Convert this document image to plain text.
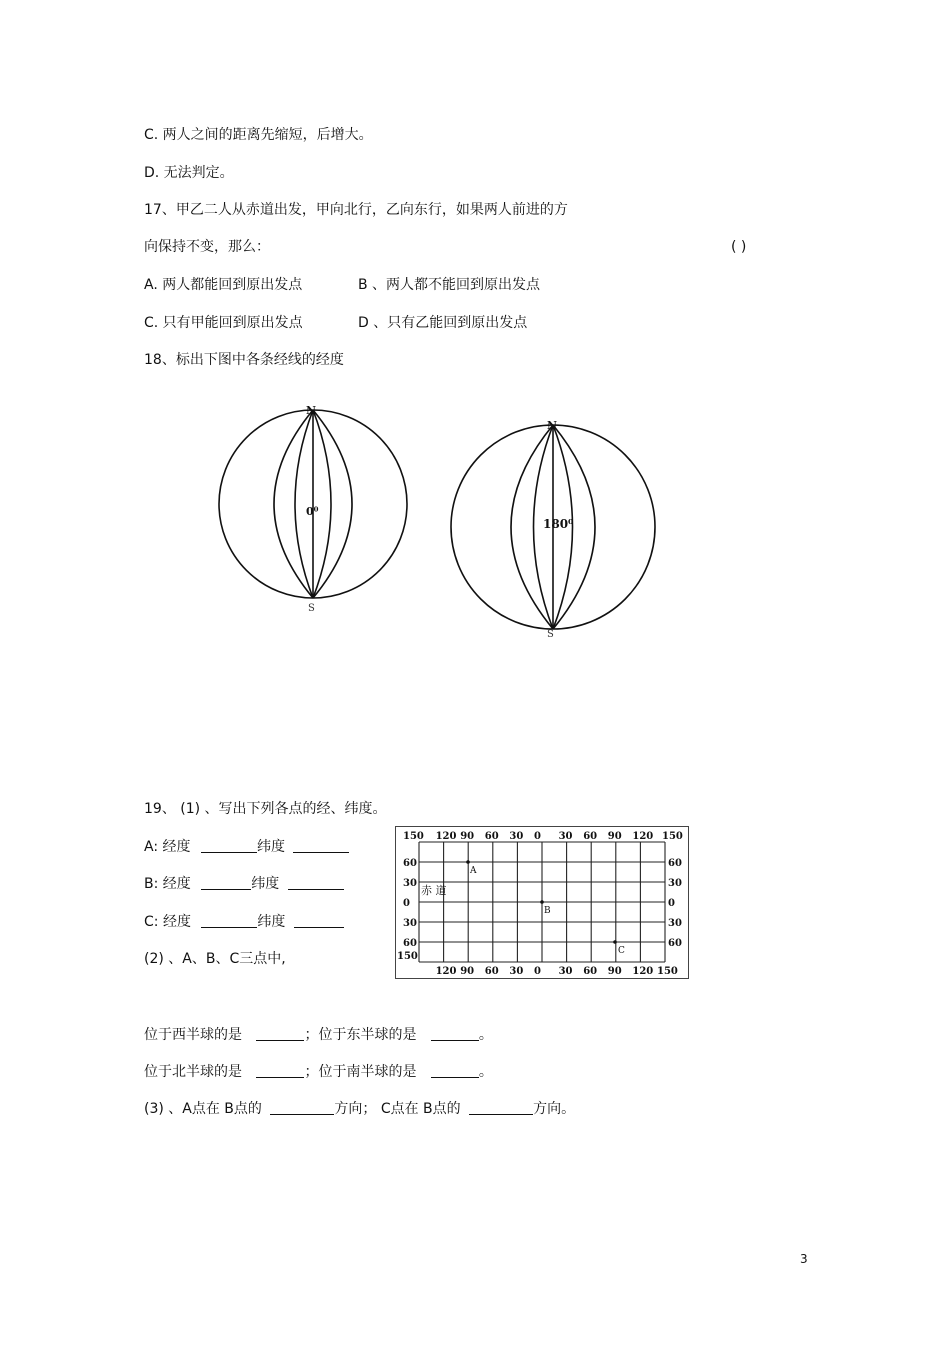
C. 两人之间的距离先缩短，后增大。
D. 无法判定。
17、甲乙二人从赤道出发，甲向北行，乙向东行，如果两人前进的方
向保持不变，那么：	( )
A. 两人都能回到原出发点	B 、两人都不能回到原出发点
C. 只有甲能回到原出发点	D 、只有乙能回到原出发点
18、标出下图中各条经线的经度
N
0⁰
S
N
180⁰
S
19、 (1) 、写出下列各点的经、纬度。
A: 经度	纬度
B: 经度	纬度
C: 经度	纬度
(2) 、A、B、C三点中,
150 120 90 60 30 0 30 60 90 120 150
150
120 90 60 30 0 30 60 90 120 150
60
30
0
30
60
60
30
0
30
60
赤 道
A
B
C
位于西半球的是	；位于东半球的是	。
位于北半球的是	；位于南半球的是	。
(3) 、A点在 B点的	方向； C点在 B点的	方向。
3
